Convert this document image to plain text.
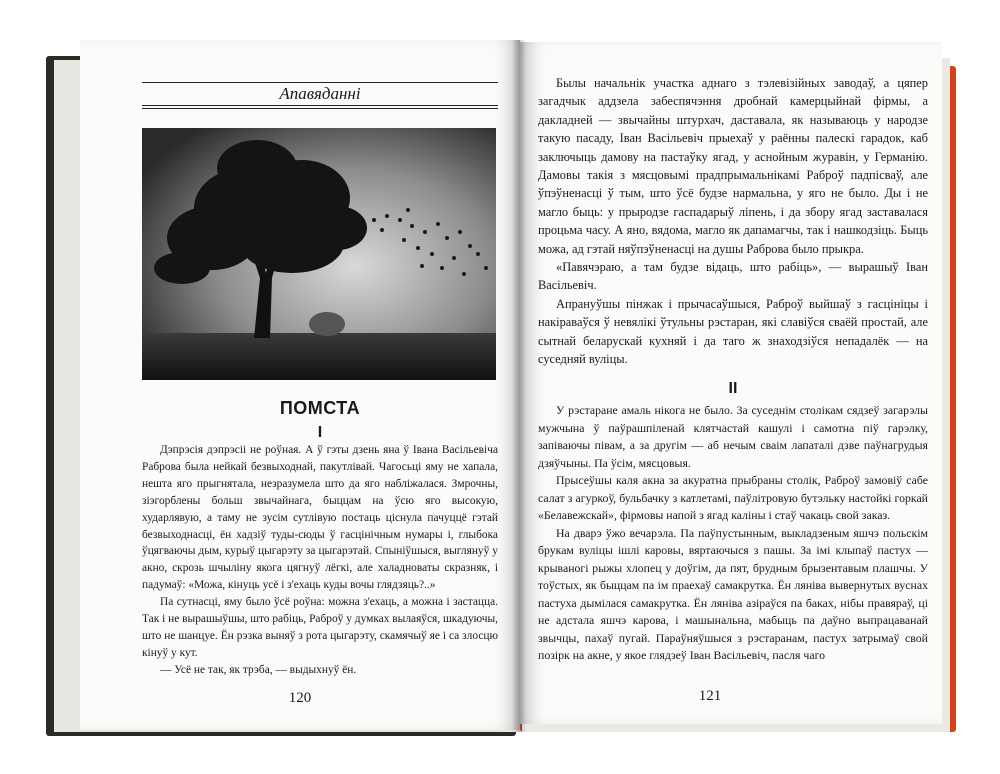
Апавяданні
ПОМСТА
I

Дэпрэсія дэпрэсіі не роўная. А ў гэты дзень яна ў Івана Васільевіча Раброва была нейкай безвыходнай, пакутлівай. Чагосьці яму не хапала, нешта яго прыгнятала, незразумела што да яго набліжалася. Змрочны, зіэгорблены больш звычайнага, быццам на ўсю яго высокую, хударлявую, а таму не зусім сутлівую постаць ціснула пачуццё гэтай безвыходнасці, ён хадзіў туды-сюды ў гасцінічным нумары і, глыбока ўцягваючы дым, курыў цыгарэту за цыгарэтай. Спыніўшыся, выглянуў у акно, скрозь шчыліну якога цягнуў лёгкі, але халадноваты скразняк, і падумаў: «Можа, кінуць усё і з'ехаць куды вочы глядзяць?..»

Па сутнасці, яму было ўсё роўна: можна з'ехаць, а можна і застацца. Так і не вырашыўшы, што рабіць, Раброў у думках вылаяўся, шкадуючы, што не шанцуе. Ён рэзка выняў з рота цыгарэту, скамячыў яе і са злосцю кінуў у кут.

— Усё не так, як трэба, — выдыхнуў ён.

120

Былы начальнік участка аднаго з тэлевізійных заводаў, а цяпер загадчык аддзела забеспячэння дробнай камерцыйнай фірмы, а дакладней — звычайны штурхач, даставала, як называюць у народзе такую пасаду, Іван Васільевіч прыехаў у раённы палескі гарадок, каб заключыць дамову на пастаўку ягад, у аснойным журавін, у Германію. Дамовы такія з мясцовымі прадпрымальнікамі Раброў падпісваў, але ўпэўненасці ў тым, што ўсё будзе нармальна, у яго не было. Ды і не магло быць: у прыродзе гаспадарыў ліпень, і да збору ягад заставалася процьма часу. А яно, вядома, магло як дапамагчы, так і нашкодзіць. Быць можа, ад гэтай няўпэўненасці на душы Раброва было прыкра.

«Павячэраю, а там будзе відаць, што рабіць», — вырашыў Іван Васільевіч.

Апрануўшы пінжак і прычасаўшыся, Раброў выйшаў з гасцініцы і накіраваўся ў невялікі ўтульны рэстаран, які славіўся сваёй простай, але сытнай беларускай кухняй і да таго ж знаходзіўся непадалёк — на суседняй вуліцы.

II

У рэстаране амаль нікога не было. За суседнім столікам сядзеў загарэлы мужчына ў паўрашпіленай клятчастай кашулі і самотна піў гарэлку, запіваючы півам, а за другім — аб нечым сваім лапаталі дзве паўнагрудыя дзяўчыны. Па ўсім, мясцовыя.

Прысеўшы каля акна за акуратна прыбраны столік, Раброў замовіў сабе салат з агуркоў, бульбачку з катлетамі, паўлітровую бутэльку настойкі горкай «Белавежскай», фірмовы напой з ягад каліны і стаў чакаць свой заказ.

На дварэ ўжо вечарэла. Па паўпустынным, выкладзеным яшчэ польскім брукам вуліцы ішлі каровы, вяртаючыся з пашы. За імі клыпаў пастух — крываногі рыжы хлопец у доўгім, да пят, брудным брызентавым плашчы. У тоўстых, як быццам па ім праехаў самакрутка. Ён лянiва вывернутых вуснах пастуха дымілася самакрутка. Ён лянiва азіраўся па баках, нібы правяраў, ці не адстала яшчэ карова, і машынальна, мабыць па даўно выпрацаванай звычцы, пахаў пугай. Параўняўшыся з рэстаранам, пастух затрымаў свой позірк на акне, у якое глядзеў Іван Васільевіч, пасля чаго

121
